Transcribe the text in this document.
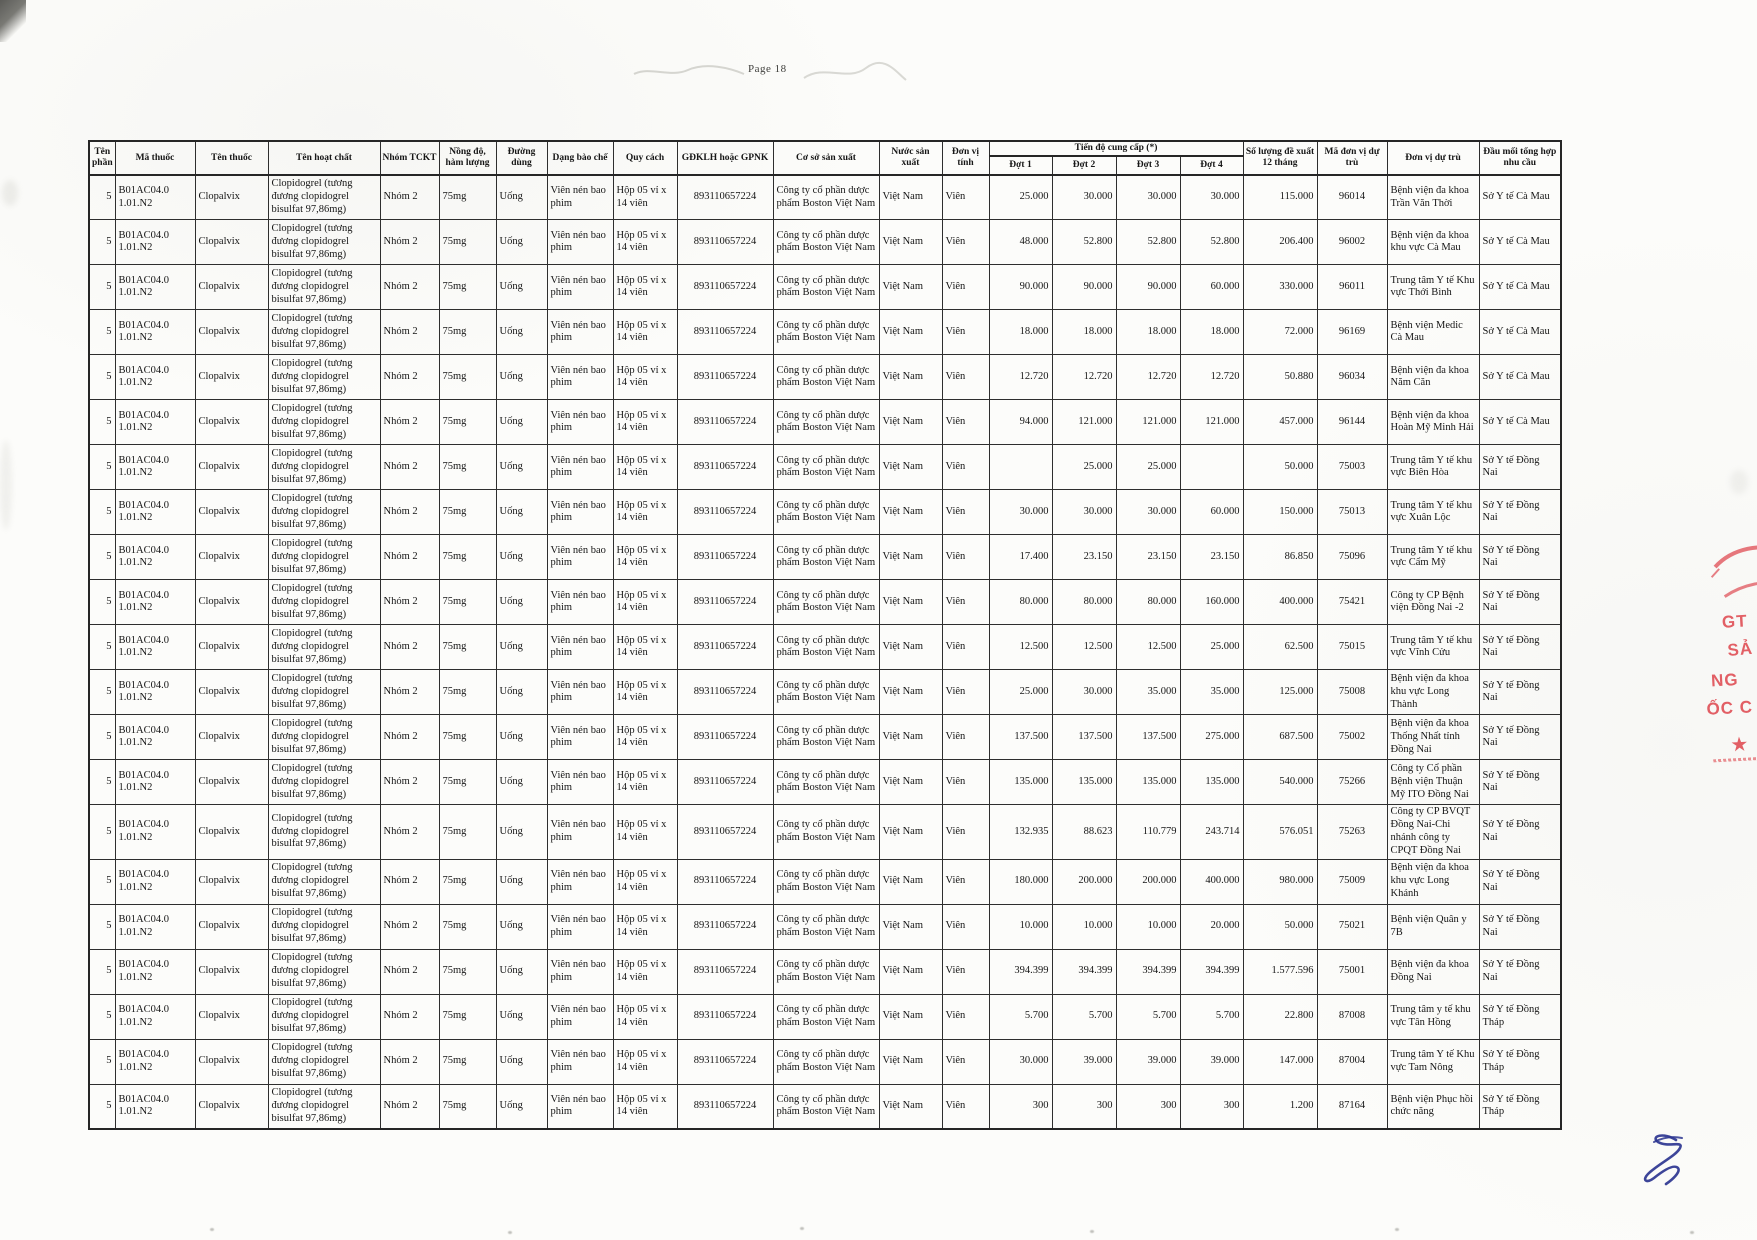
Page 18
Tên phần	Mã thuốc	Tên thuốc	Tên hoạt chất	Nhóm TCKT	Nồng độ, hàm lượng	Đường dùng	Dạng bào chế	Quy cách	GĐKLH hoặc GPNK	Cơ sở sản xuất	Nước sản xuất	Đơn vị tính	Tiến độ cung cấp (*)				Số lượng đề xuất 12 tháng	Mã đơn vị dự trù	Đơn vị dự trù	Đầu mối tổng hợp nhu cầu
													Đợt 1	Đợt 2	Đợt 3	Đợt 4				
5	B01AC04.0 1.01.N2	Clopalvix	Clopidogrel (tương đương clopidogrel bisulfat 97,86mg)	Nhóm 2	75mg	Uống	Viên nén bao phim	Hộp 05 vỉ x 14 viên	893110657224	Công ty cổ phần dược phẩm Boston Việt Nam	Việt Nam	Viên	25.000	30.000	30.000	30.000	115.000	96014	Bệnh viện đa khoa Trần Văn Thời	Sở Y tế Cà Mau
5	B01AC04.0 1.01.N2	Clopalvix	Clopidogrel (tương đương clopidogrel bisulfat 97,86mg)	Nhóm 2	75mg	Uống	Viên nén bao phim	Hộp 05 vỉ x 14 viên	893110657224	Công ty cổ phần dược phẩm Boston Việt Nam	Việt Nam	Viên	48.000	52.800	52.800	52.800	206.400	96002	Bệnh viện đa khoa khu vực Cà Mau	Sở Y tế Cà Mau
5	B01AC04.0 1.01.N2	Clopalvix	Clopidogrel (tương đương clopidogrel bisulfat 97,86mg)	Nhóm 2	75mg	Uống	Viên nén bao phim	Hộp 05 vỉ x 14 viên	893110657224	Công ty cổ phần dược phẩm Boston Việt Nam	Việt Nam	Viên	90.000	90.000	90.000	60.000	330.000	96011	Trung tâm Y tế Khu vực Thới Bình	Sở Y tế Cà Mau
5	B01AC04.0 1.01.N2	Clopalvix	Clopidogrel (tương đương clopidogrel bisulfat 97,86mg)	Nhóm 2	75mg	Uống	Viên nén bao phim	Hộp 05 vỉ x 14 viên	893110657224	Công ty cổ phần dược phẩm Boston Việt Nam	Việt Nam	Viên	18.000	18.000	18.000	18.000	72.000	96169	Bệnh viện Medic Cà Mau	Sở Y tế Cà Mau
5	B01AC04.0 1.01.N2	Clopalvix	Clopidogrel (tương đương clopidogrel bisulfat 97,86mg)	Nhóm 2	75mg	Uống	Viên nén bao phim	Hộp 05 vỉ x 14 viên	893110657224	Công ty cổ phần dược phẩm Boston Việt Nam	Việt Nam	Viên	12.720	12.720	12.720	12.720	50.880	96034	Bệnh viện đa khoa Năm Căn	Sở Y tế Cà Mau
5	B01AC04.0 1.01.N2	Clopalvix	Clopidogrel (tương đương clopidogrel bisulfat 97,86mg)	Nhóm 2	75mg	Uống	Viên nén bao phim	Hộp 05 vỉ x 14 viên	893110657224	Công ty cổ phần dược phẩm Boston Việt Nam	Việt Nam	Viên	94.000	121.000	121.000	121.000	457.000	96144	Bệnh viện đa khoa Hoàn Mỹ Minh Hải	Sở Y tế Cà Mau
5	B01AC04.0 1.01.N2	Clopalvix	Clopidogrel (tương đương clopidogrel bisulfat 97,86mg)	Nhóm 2	75mg	Uống	Viên nén bao phim	Hộp 05 vỉ x 14 viên	893110657224	Công ty cổ phần dược phẩm Boston Việt Nam	Việt Nam	Viên		25.000	25.000		50.000	75003	Trung tâm Y tế khu vực Biên Hòa	Sở Y tế Đồng Nai
5	B01AC04.0 1.01.N2	Clopalvix	Clopidogrel (tương đương clopidogrel bisulfat 97,86mg)	Nhóm 2	75mg	Uống	Viên nén bao phim	Hộp 05 vỉ x 14 viên	893110657224	Công ty cổ phần dược phẩm Boston Việt Nam	Việt Nam	Viên	30.000	30.000	30.000	60.000	150.000	75013	Trung tâm Y tế khu vực Xuân Lộc	Sở Y tế Đồng Nai
5	B01AC04.0 1.01.N2	Clopalvix	Clopidogrel (tương đương clopidogrel bisulfat 97,86mg)	Nhóm 2	75mg	Uống	Viên nén bao phim	Hộp 05 vỉ x 14 viên	893110657224	Công ty cổ phần dược phẩm Boston Việt Nam	Việt Nam	Viên	17.400	23.150	23.150	23.150	86.850	75096	Trung tâm Y tế khu vực Cẩm Mỹ	Sở Y tế Đồng Nai
5	B01AC04.0 1.01.N2	Clopalvix	Clopidogrel (tương đương clopidogrel bisulfat 97,86mg)	Nhóm 2	75mg	Uống	Viên nén bao phim	Hộp 05 vỉ x 14 viên	893110657224	Công ty cổ phần dược phẩm Boston Việt Nam	Việt Nam	Viên	80.000	80.000	80.000	160.000	400.000	75421	Công ty CP Bệnh viện Đồng Nai -2	Sở Y tế Đồng Nai
5	B01AC04.0 1.01.N2	Clopalvix	Clopidogrel (tương đương clopidogrel bisulfat 97,86mg)	Nhóm 2	75mg	Uống	Viên nén bao phim	Hộp 05 vỉ x 14 viên	893110657224	Công ty cổ phần dược phẩm Boston Việt Nam	Việt Nam	Viên	12.500	12.500	12.500	25.000	62.500	75015	Trung tâm Y tế khu vực Vĩnh Cửu	Sở Y tế Đồng Nai
5	B01AC04.0 1.01.N2	Clopalvix	Clopidogrel (tương đương clopidogrel bisulfat 97,86mg)	Nhóm 2	75mg	Uống	Viên nén bao phim	Hộp 05 vỉ x 14 viên	893110657224	Công ty cổ phần dược phẩm Boston Việt Nam	Việt Nam	Viên	25.000	30.000	35.000	35.000	125.000	75008	Bệnh viện đa khoa khu vực Long Thành	Sở Y tế Đồng Nai
5	B01AC04.0 1.01.N2	Clopalvix	Clopidogrel (tương đương clopidogrel bisulfat 97,86mg)	Nhóm 2	75mg	Uống	Viên nén bao phim	Hộp 05 vỉ x 14 viên	893110657224	Công ty cổ phần dược phẩm Boston Việt Nam	Việt Nam	Viên	137.500	137.500	137.500	275.000	687.500	75002	Bệnh viện đa khoa Thống Nhất tỉnh Đồng Nai	Sở Y tế Đồng Nai
5	B01AC04.0 1.01.N2	Clopalvix	Clopidogrel (tương đương clopidogrel bisulfat 97,86mg)	Nhóm 2	75mg	Uống	Viên nén bao phim	Hộp 05 vỉ x 14 viên	893110657224	Công ty cổ phần dược phẩm Boston Việt Nam	Việt Nam	Viên	135.000	135.000	135.000	135.000	540.000	75266	Công ty Cổ phần Bệnh viện Thuận Mỹ ITO Đồng Nai	Sở Y tế Đồng Nai
5	B01AC04.0 1.01.N2	Clopalvix	Clopidogrel (tương đương clopidogrel bisulfat 97,86mg)	Nhóm 2	75mg	Uống	Viên nén bao phim	Hộp 05 vỉ x 14 viên	893110657224	Công ty cổ phần dược phẩm Boston Việt Nam	Việt Nam	Viên	132.935	88.623	110.779	243.714	576.051	75263	Công ty CP BVQT Đồng Nai-Chi nhánh công ty CPQT Đồng Nai	Sở Y tế Đồng Nai
5	B01AC04.0 1.01.N2	Clopalvix	Clopidogrel (tương đương clopidogrel bisulfat 97,86mg)	Nhóm 2	75mg	Uống	Viên nén bao phim	Hộp 05 vỉ x 14 viên	893110657224	Công ty cổ phần dược phẩm Boston Việt Nam	Việt Nam	Viên	180.000	200.000	200.000	400.000	980.000	75009	Bệnh viện đa khoa khu vực Long Khánh	Sở Y tế Đồng Nai
5	B01AC04.0 1.01.N2	Clopalvix	Clopidogrel (tương đương clopidogrel bisulfat 97,86mg)	Nhóm 2	75mg	Uống	Viên nén bao phim	Hộp 05 vỉ x 14 viên	893110657224	Công ty cổ phần dược phẩm Boston Việt Nam	Việt Nam	Viên	10.000	10.000	10.000	20.000	50.000	75021	Bệnh viện Quân y 7B	Sở Y tế Đồng Nai
5	B01AC04.0 1.01.N2	Clopalvix	Clopidogrel (tương đương clopidogrel bisulfat 97,86mg)	Nhóm 2	75mg	Uống	Viên nén bao phim	Hộp 05 vỉ x 14 viên	893110657224	Công ty cổ phần dược phẩm Boston Việt Nam	Việt Nam	Viên	394.399	394.399	394.399	394.399	1.577.596	75001	Bệnh viện đa khoa Đồng Nai	Sở Y tế Đồng Nai
5	B01AC04.0 1.01.N2	Clopalvix	Clopidogrel (tương đương clopidogrel bisulfat 97,86mg)	Nhóm 2	75mg	Uống	Viên nén bao phim	Hộp 05 vỉ x 14 viên	893110657224	Công ty cổ phần dược phẩm Boston Việt Nam	Việt Nam	Viên	5.700	5.700	5.700	5.700	22.800	87008	Trung tâm y tế khu vực Tân Hồng	Sở Y tế Đồng Tháp
5	B01AC04.0 1.01.N2	Clopalvix	Clopidogrel (tương đương clopidogrel bisulfat 97,86mg)	Nhóm 2	75mg	Uống	Viên nén bao phim	Hộp 05 vỉ x 14 viên	893110657224	Công ty cổ phần dược phẩm Boston Việt Nam	Việt Nam	Viên	30.000	39.000	39.000	39.000	147.000	87004	Trung tâm Y tế Khu vực Tam Nông	Sở Y tế Đồng Tháp
5	B01AC04.0 1.01.N2	Clopalvix	Clopidogrel (tương đương clopidogrel bisulfat 97,86mg)	Nhóm 2	75mg	Uống	Viên nén bao phim	Hộp 05 vỉ x 14 viên	893110657224	Công ty cổ phần dược phẩm Boston Việt Nam	Việt Nam	Viên	300	300	300	300	1.200	87164	Bệnh viện Phục hồi chức năng	Sở Y tế Đồng Tháp
GT
SẢ
NG
ỐC C
★
